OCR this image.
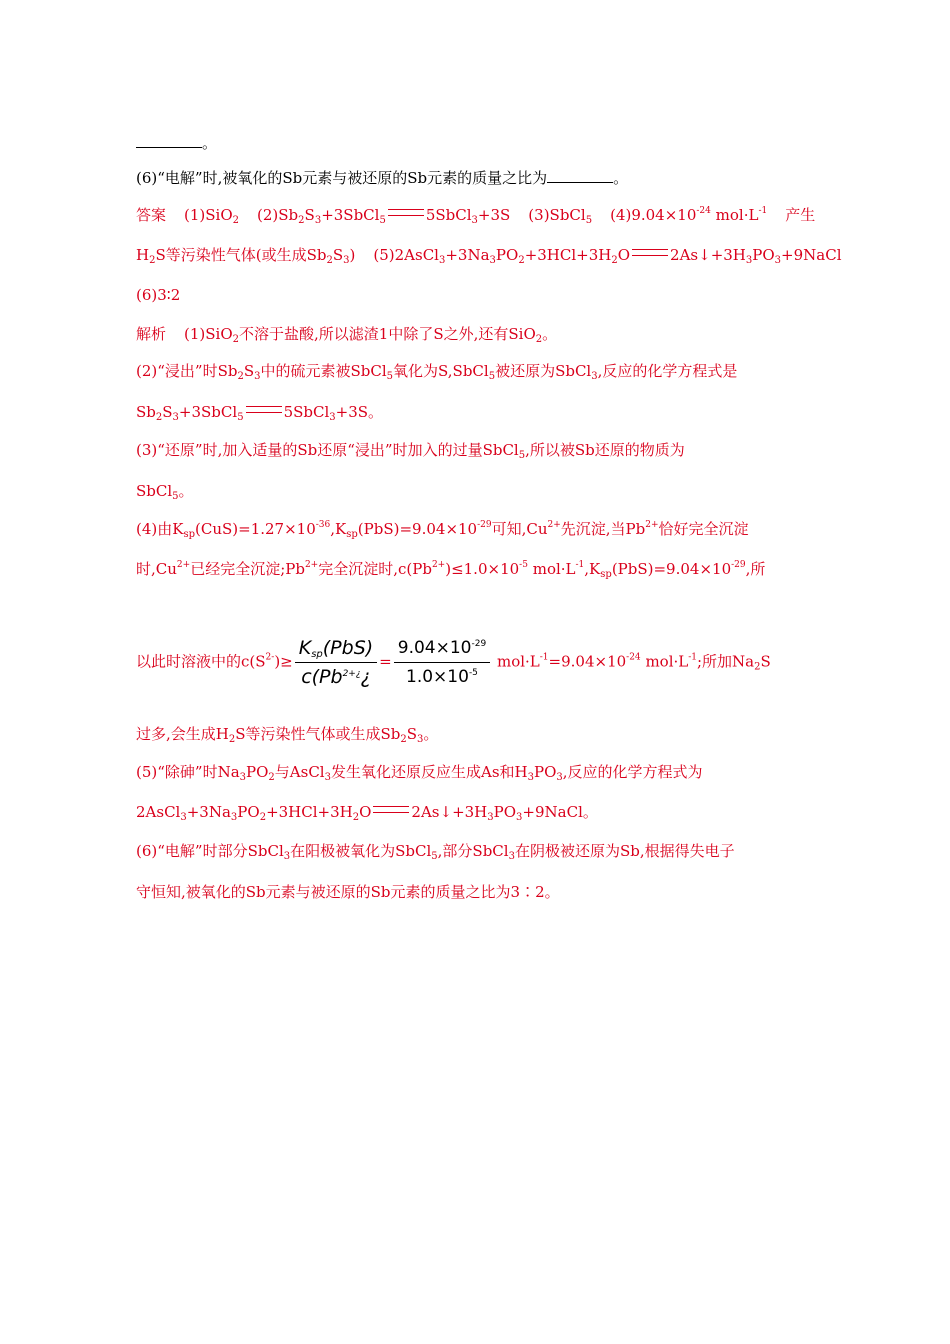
。
(6)“电解”时,被氧化的Sb元素与被还原的Sb元素的质量之比为	。
答案 (1)SiO$_2$ $(2)Sb_2S_3+3SbCl_5$	5SbCl$_3$+3S (3)SbCl$_5$ $(4)9.04\times 10^{-24}$ $mol\cdot L^{-1}$ 产生
$H_2S$等污染性气体(或生成$Sb_2S_3$) $(5)2AsCl_3+3Na_3PO_2+3HCl+3H_2O$	$2As↓+3H_3PO_3+9NaCl$
(6)3∶2
解析 (1)SiO$_2$不溶于盐酸,所以滤渣1中除了S之外,还有SiO$_2$。
(2)“浸出”时$Sb_2S_3$中的硫元素被SbCl$_5$氧化为S,SbCl$_5$被还原为SbCl$_3$,反应的化学方程式是
$Sb_2S_3+3SbCl_5$	5SbCl$_3$+3S。
(3)“还原”时,加入适量的Sb还原“浸出”时加入的过量SbCl$_5$,所以被Sb还原的物质为
SbCl$_5$。
(4)由$K_{sp}(CuS)=1.27\times 10^{-36},K_{sp}(PbS)=9.04\times 10^{-29}$可知$,Cu^{2+}$先沉淀,当$Pb^{2+}$恰好完全沉淀
时$,Cu^{2+}$已经完全沉淀$;Pb^{2+}$完全沉淀时$,c(Pb^{2+})\le 1.0\times 10^{-5}$ $mol\cdot L^{-1},K_{sp}(PbS)=9.04\times 10^{-29}$,所
以此时溶液中的$c(S^{2-})\ge \frac{K_{sp}(PbS)}{c(Pb^{2+¿}¿} = \frac{9.04\times 10^{-29}}{1.0\times 10^{-5}} mol\cdot L^{-1}=9.04\times 10^{-24}$ $mol\cdot L^{-1}$;所加$Na_2S$
过多,会生成$H_2S$等污染性气体或生成$Sb_2S_3$。
(5)“除砷”时$Na_3PO_2$与AsCl$_3$发生氧化还原反应生成As和$H_3PO_3$,反应的化学方程式为
$2AsCl_3+3Na_3PO_2+3HCl+3H_2O$	$2As↓+3H_3PO_3+9NaCl$。
(6)“电解”时部分SbCl$_3$在阳极被氧化为SbCl$_5$,部分SbCl$_3$在阴极被还原为Sb,根据得失电子
守恒知,被氧化的Sb元素与被还原的Sb元素的质量之比为3∶2。
